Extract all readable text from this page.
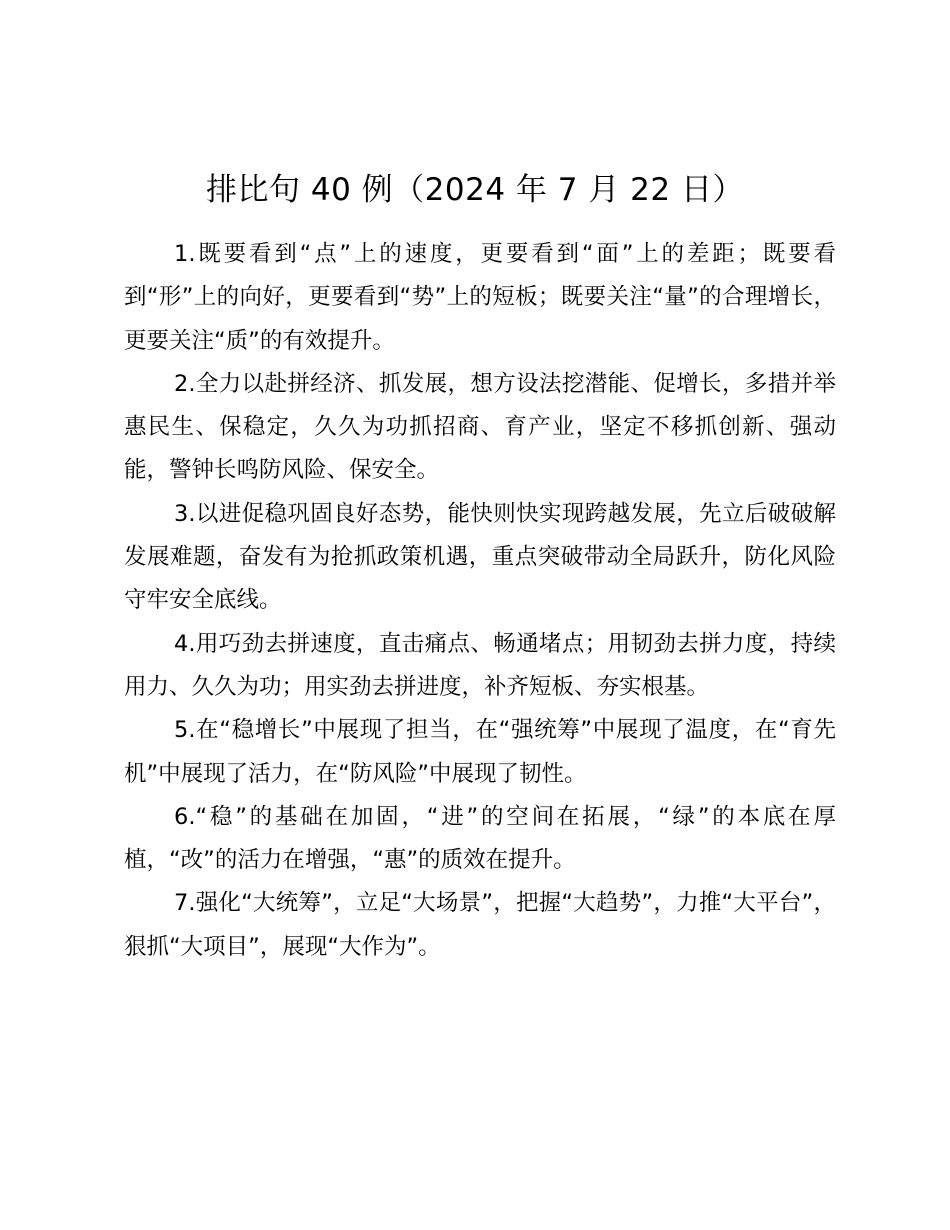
排比句 40 例（2024 年 7 月 22 日）

1.既要看到“点”上的速度，更要看到“面”上的差距；既要看到“形”上的向好，更要看到“势”上的短板；既要关注“量”的合理增长，更要关注“质”的有效提升。

2.全力以赴拼经济、抓发展，想方设法挖潜能、促增长，多措并举惠民生、保稳定，久久为功抓招商、育产业，坚定不移抓创新、强动能，警钟长鸣防风险、保安全。

3.以进促稳巩固良好态势，能快则快实现跨越发展，先立后破破解发展难题，奋发有为抢抓政策机遇，重点突破带动全局跃升，防化风险守牢安全底线。

4.用巧劲去拼速度，直击痛点、畅通堵点；用韧劲去拼力度，持续用力、久久为功；用实劲去拼进度，补齐短板、夯实根基。

5.在“稳增长”中展现了担当，在“强统筹”中展现了温度，在“育先机”中展现了活力，在“防风险”中展现了韧性。

6.“稳”的基础在加固，“进”的空间在拓展，“绿”的本底在厚植，“改”的活力在增强，“惠”的质效在提升。

7.强化“大统筹”，立足“大场景”，把握“大趋势”，力推“大平台”，狠抓“大项目”，展现“大作为”。
